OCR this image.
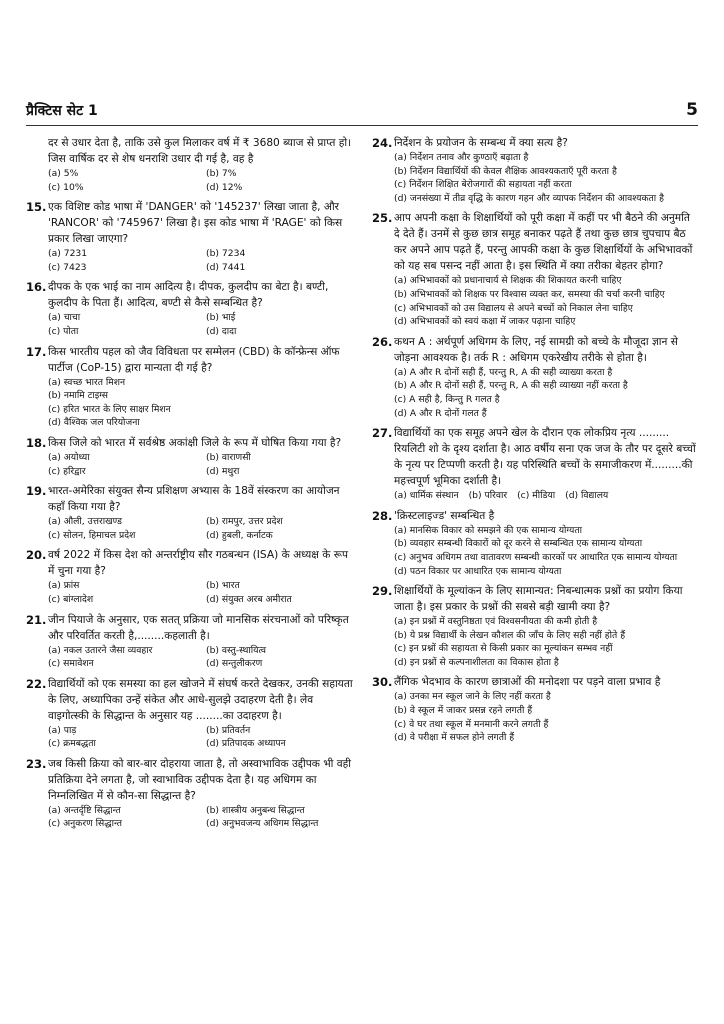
प्रैक्टिस सेट 1	5
दर से उधार देता है, ताकि उसे कुल मिलाकर वर्ष में ₹ 3680 ब्याज से प्राप्त हो। जिस वार्षिक दर से शेष धनराशि उधार दी गई है, वह है
(a) 5%	(b) 7%
(c) 10%	(d) 12%
15. एक विशिष्ट कोड भाषा में 'DANGER' को '145237' लिखा जाता है, और 'RANCOR' को '745967' लिखा है। इस कोड भाषा में 'RAGE' को किस प्रकार लिखा जाएगा?
(a) 7231	(b) 7234
(c) 7423	(d) 7441
16. दीपक के एक भाई का नाम आदित्य है। दीपक, कुलदीप का बेटा है। बण्टी, कुलदीप के पिता हैं। आदित्य, बण्टी से कैसे सम्बन्धित है?
(a) चाचा	(b) भाई
(c) पोता	(d) दादा
17. किस भारतीय पहल को जैव विविधता पर सम्मेलन (CBD) के कॉन्फ्रेन्स ऑफ पार्टीज (CoP-15) द्वारा मान्यता दी गई है?
(a) स्वच्छ भारत मिशन
(b) नमामि टाइग्स
(c) हरित भारत के लिए साक्षर मिशन
(d) वैश्विक जल परियोजना
18. किस जिले को भारत में सर्वश्रेष्ठ अकांक्षी जिले के रूप में घोषित किया गया है?
(a) अयोध्या	(b) वाराणसी
(c) हरिद्वार	(d) मथुरा
19. भारत-अमेरिका संयुक्त सैन्य प्रशिक्षण अभ्यास के 18वें संस्करण का आयोजन कहाँ किया गया है?
(a) औली, उत्तराखण्ड	(b) रामपुर, उत्तर प्रदेश
(c) सोलन, हिमाचल प्रदेश	(d) हुबली, कर्नाटक
20. वर्ष 2022 में किस देश को अन्तर्राष्ट्रीय सौर गठबन्धन (ISA) के अध्यक्ष के रूप में चुना गया है?
(a) फ्रांस	(b) भारत
(c) बांग्लादेश	(d) संयुक्त अरब अमीरात
21. जीन पियाजे के अनुसार, एक सतत् प्रक्रिया जो मानसिक संरचनाओं को परिष्कृत और परिवर्तित करती है,........कहलाती है।
(a) नकल उतारने जैसा व्यवहार	(b) वस्तु-स्थायित्व
(c) समावेशन	(d) सन्तुलीकरण
22. विद्यार्थियों को एक समस्या का हल खोजने में संघर्ष करते देखकर, उनकी सहायता के लिए, अध्यापिका उन्हें संकेत और आधे-सुलझे उदाहरण देती है। लेव वाइगोत्स्की के सिद्धान्त के अनुसार यह ........का उदाहरण है।
(a) पाड़	(b) प्रतिवर्तन
(c) क्रमबद्धता	(d) प्रतिपादक अध्यापन
23. जब किसी क्रिया को बार-बार दोहराया जाता है, तो अस्वाभाविक उद्दीपक भी वही प्रतिक्रिया देने लगता है, जो स्वाभाविक उद्दीपक देता है। यह अधिगम का निम्नलिखित में से कौन-सा सिद्धान्त है?
(a) अन्तर्दृष्टि सिद्धान्त	(b) शास्त्रीय अनुबन्ध सिद्धान्त
(c) अनुकरण सिद्धान्त	(d) अनुभवजन्य अधिगम सिद्धान्त
24. निर्देशन के प्रयोजन के सम्बन्ध में क्या सत्य है?
(a) निर्देशन तनाव और कुण्ठाएँ बढ़ाता है
(b) निर्देशन विद्यार्थियों की केवल शैक्षिक आवश्यकताएँ पूरी करता है
(c) निर्देशन शिक्षित बेरोजगारों की सहायता नहीं करता
(d) जनसंख्या में तीव्र वृद्धि के कारण गहन और व्यापक निर्देशन की आवश्यकता है
25. आप अपनी कक्षा के शिक्षार्थियों को पूरी कक्षा में कहीं पर भी बैठने की अनुमति दे देते हैं। उनमें से कुछ छात्र समूह बनाकर पढ़ते हैं तथा कुछ छात्र चुपचाप बैठ कर अपने आप पढ़ते हैं, परन्तु आपकी कक्षा के कुछ शिक्षार्थियों के अभिभावकों को यह सब पसन्द नहीं आता है। इस स्थिति में क्या तरीका बेहतर होगा?
(a) अभिभावकों को प्रधानाचार्य से शिक्षक की शिकायत करनी चाहिए
(b) अभिभावकों को शिक्षक पर विश्वास व्यक्त कर, समस्या की चर्चा करनी चाहिए
(c) अभिभावकों को उस विद्यालय से अपने बच्चों को निकाल लेना चाहिए
(d) अभिभावकों को स्वयं कक्षा में जाकर पढ़ाना चाहिए
26. कथन A : अर्थपूर्ण अधिगम के लिए, नई सामग्री को बच्चे के मौजूदा ज्ञान से जोड़ना आवश्यक है। तर्क R : अधिगम एकरेखीय तरीके से होता है।
(a) A और R दोनों सही हैं, परन्तु R, A की सही व्याख्या करता है
(b) A और R दोनों सही हैं, परन्तु R, A की सही व्याख्या नहीं करता है
(c) A सही है, किन्तु R गलत है
(d) A और R दोनों गलत हैं
27. विद्यार्थियों का एक समूह अपने खेल के दौरान एक लोकप्रिय नृत्य ......... रियलिटी शो के दृश्य दर्शाता है। आठ वर्षीय सना एक जज के तौर पर दूसरे बच्चों के नृत्य पर टिप्पणी करती है। यह परिस्थिति बच्चों के समाजीकरण में.........की महत्त्वपूर्ण भूमिका दर्शाती है।
(a) धार्मिक संस्थान (b) परिवार (c) मीडिया (d) विद्यालय
28. 'क्रिस्टलाइज्ड' सम्बन्धित है
(a) मानसिक विकार को समझने की एक सामान्य योग्यता
(b) व्यवहार सम्बन्धी विकारों को दूर करने से सम्बन्धित एक सामान्य योग्यता
(c) अनुभव अधिगम तथा वातावरण सम्बन्धी कारकों पर आधारित एक सामान्य योग्यता
(d) पठन विकार पर आधारित एक सामान्य योग्यता
29. शिक्षार्थियों के मूल्यांकन के लिए सामान्यत: निबन्धात्मक प्रश्नों का प्रयोग किया जाता है। इस प्रकार के प्रश्नों की सबसे बड़ी खामी क्या है?
(a) इन प्रश्नों में वस्तुनिष्ठता एवं विश्वसनीयता की कमी होती है
(b) ये प्रश्न विद्यार्थी के लेखन कौशल की जाँच के लिए सही नहीं होते हैं
(c) इन प्रश्नों की सहायता से किसी प्रकार का मूल्यांकन सम्भव नहीं
(d) इन प्रश्नों से कल्पनाशीलता का विकास होता है
30. लैंगिक भेदभाव के कारण छात्राओं की मनोदशा पर पड़ने वाला प्रभाव है
(a) उनका मन स्कूल जाने के लिए नहीं करता है
(b) वे स्कूल में जाकर प्रसन्न रहने लगती हैं
(c) वे घर तथा स्कूल में मनमानी करने लगती हैं
(d) वे परीक्षा में सफल होने लगती हैं
